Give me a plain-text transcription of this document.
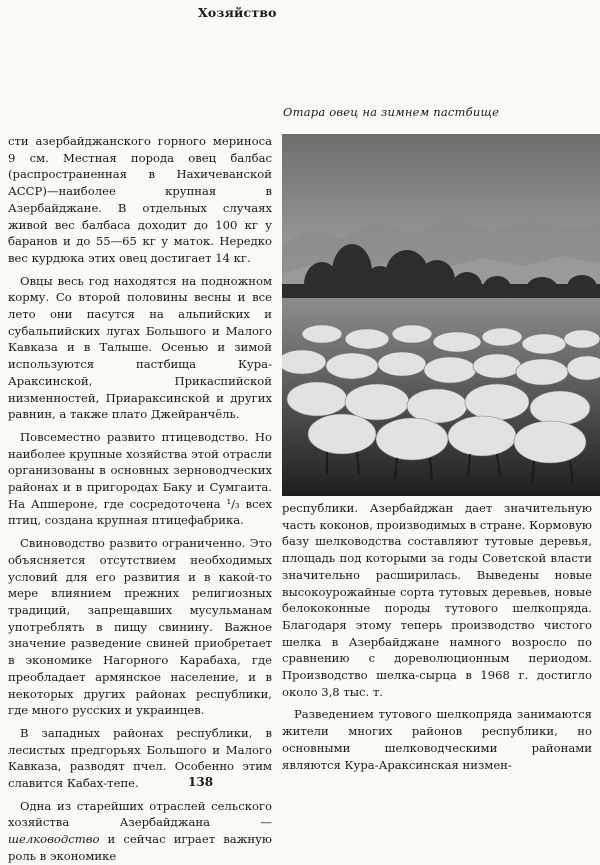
Хозяйство
Отара овец на зимнем пастбище

сти азербайджанского горного мериноса 9 см. Местная порода овец балбас (распространенная в Нахичеванской АССР)—наиболее крупная в Азербайджане. В отдельных случаях живой вес балбаса доходит до 100 кг у баранов и до 55—65 кг у маток. Нередко вес курдюка этих овец достигает 14 кг.

Овцы весь год находятся на подножном корму. Со второй половины весны и все лето они пасутся на альпийских и субальпийских лугах Большого и Малого Кавказа и в Талыше. Осенью и зимой используются пастбища Кура-Араксинской, Прикаспийской низменностей, Приараксинской и других равнин, а также плато Джейранчёль.

Повсеместно развито птицеводство. Но наиболее крупные хозяйства этой отрасли организованы в основных зерноводческих районах и в пригородах Баку и Сумгаита. На Апшероне, где сосредоточена ¹/₃ всех птиц, создана крупная птицефабрика.

Свиноводство развито ограниченно. Это объясняется отсутствием необходимых условий для его развития и в какой-то мере влиянием прежних религиозных традиций, запрещавших мусульманам употреблять в пищу свинину. Важное значение разведение свиней приобретает в экономике Нагорного Карабаха, где преобладает армянское население, и в некоторых других районах республики, где много русских и украинцев.

В западных районах республики, в лесистых предгорьях Большого и Малого Кавказа, разводят пчел. Особенно этим славится Кабах-тепе.

Одна из старейших отраслей сельского хозяйства Азербайджана — шелководство и сейчас играет важную роль в экономике

республики. Азербайджан дает значительную часть коконов, производимых в стране. Кормовую базу шелководства составляют тутовые деревья, площадь под которыми за годы Советской власти значительно расширилась. Выведены новые высокоурожайные сорта тутовых деревьев, новые белококонные породы тутового шелкопряда. Благодаря этому теперь производство чистого шелка в Азербайджане намного возросло по сравнению с дореволюционным периодом. Производство шелка-сырца в 1968 г. достигло около 3,8 тыс. т.

Разведением тутового шелкопряда занимаются жители многих районов республики, но основными шелководческими районами являются Кура-Араксинская низмен-

138
